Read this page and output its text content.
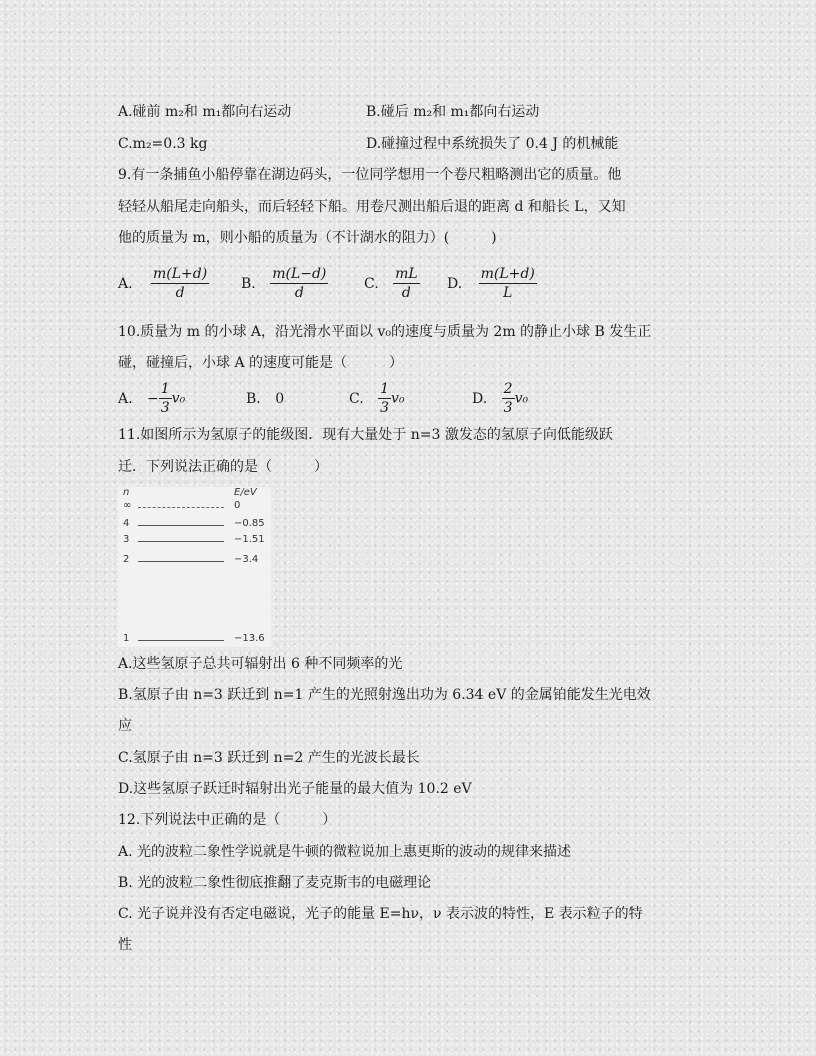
A.碰前 m₂和 m₁都向右运动	B.碰后 m₂和 m₁都向右运动
C.m₂=0.3 kg	D.碰撞过程中系统损失了 0.4 J 的机械能
9.有一条捕鱼小船停靠在湖边码头，一位同学想用一个卷尺粗略测出它的质量。他
轻轻从船尾走向船头，而后轻轻下船。用卷尺测出船后退的距离 d 和船长 L，又知
他的质量为 m，则小船的质量为（不计湖水的阻力）(　　　)
A. $\frac{m(L+d)}{d} B$. $\frac{m(L-d)}{d}$	C. $\frac{mL}{d} D$. $\frac{m(L+d)}{L}$
10.质量为 m 的小球 A，沿光滑水平面以 v₀的速度与质量为 2m 的静止小球 B 发生正
碰，碰撞后，小球 A 的速度可能是（　　　）
A. − $\frac{1}{3} v_0$	B. 0	C. $\frac{1}{3} v_0$	D. $\frac{2}{3} v_0$
11.如图所示为氢原子的能级图．现有大量处于 n=3 激发态的氢原子向低能级跃
迁．下列说法正确的是（　　　）
n	E/eV
∞	0
4	−0.85
3	−1.51
2	−3.4
1	−13.6
A.这些氢原子总共可辐射出 6 种不同频率的光
B.氢原子由 n=3 跃迁到 n=1 产生的光照射逸出功为 6.34 eV 的金属铂能发生光电效
应
C.氢原子由 n=3 跃迁到 n=2 产生的光波长最长
D.这些氢原子跃迁时辐射出光子能量的最大值为 10.2 eV
12.下列说法中正确的是（　　　）
A. 光的波粒二象性学说就是牛顿的微粒说加上惠更斯的波动的规律来描述
B. 光的波粒二象性彻底推翻了麦克斯韦的电磁理论
C. 光子说并没有否定电磁说，光子的能量 E=hν，ν 表示波的特性，E 表示粒子的特
性
